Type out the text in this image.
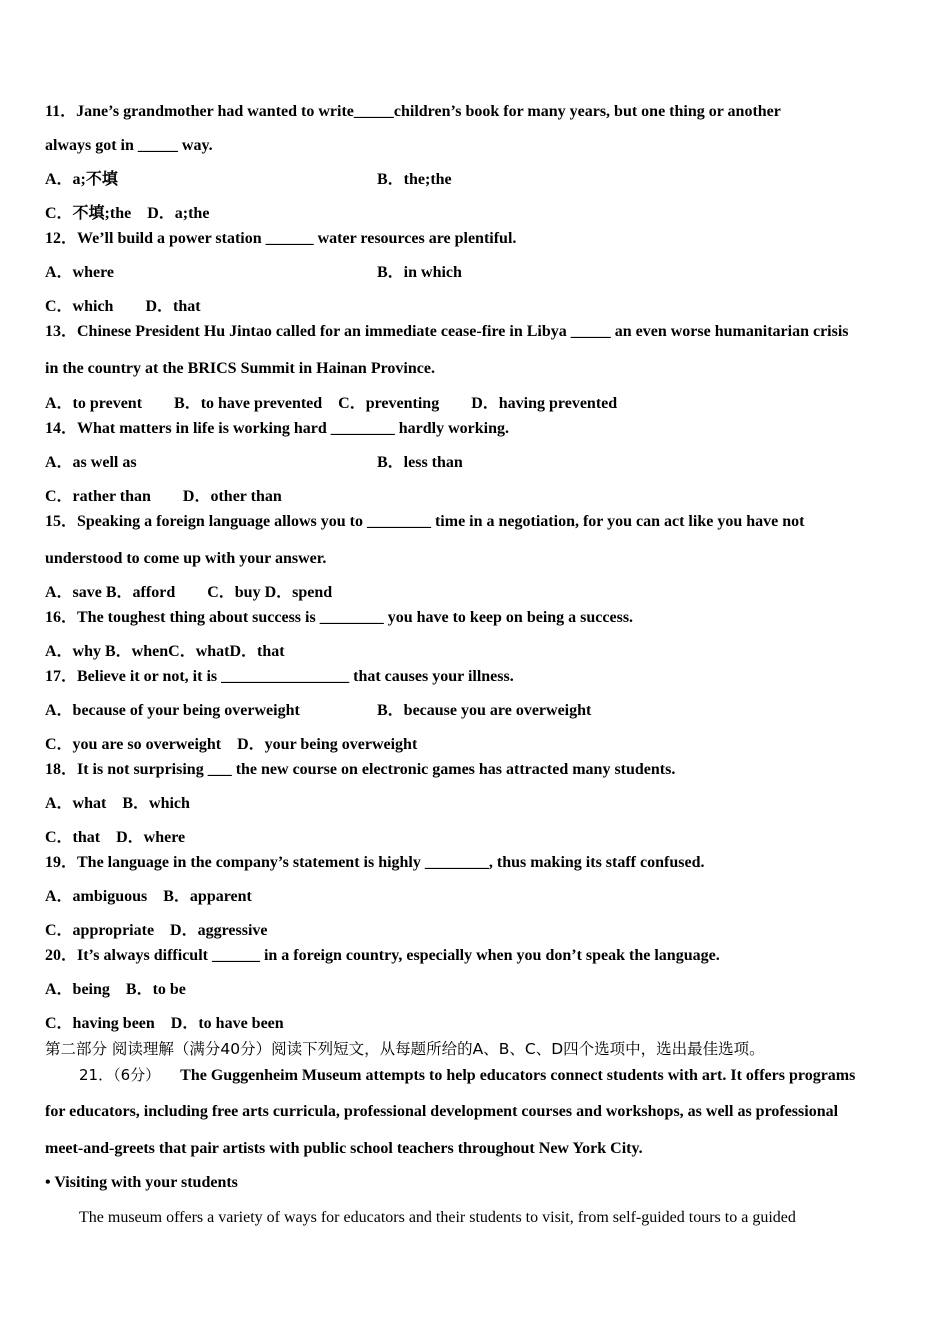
11．Jane’s grandmother had wanted to write_____children’s book for many years, but one thing or another
always got in _____ way.
A．a;不填	B．the;the
C．不填;the　D．a;the
12．We’ll build a power station ______ water resources are plentiful.
A．where	B．in which
C．which　　D．that
13．Chinese President Hu Jintao called for an immediate cease-fire in Libya _____ an even worse humanitarian crisis
in the country at the BRICS Summit in Hainan Province.
A．to prevent　　B．to have prevented　C．preventing　　D．having prevented
14．What matters in life is working hard ________ hardly working.
A．as well as	B．less than
C．rather than　　D．other than
15．Speaking a foreign language allows you to ________ time in a negotiation, for you can act like you have not
understood to come up with your answer.
A．save B．afford　　C．buy D．spend
16．The toughest thing about success is ________ you have to keep on being a success.
A．why B．whenC．whatD．that
17．Believe it or not, it is ________________ that causes your illness.
A．because of your being overweight	B．because you are overweight
C．you are so overweight　D．your being overweight
18．It is not surprising ___ the new course on electronic games has attracted many students.
A．what　B．which
C．that　D．where
19．The language in the company’s statement is highly ________, thus making its staff confused.
A．ambiguous　B．apparent
C．appropriate　D．aggressive
20．It’s always difficult ______ in a foreign country, especially when you don’t speak the language.
A．being　B．to be
C．having been　D．to have been
第二部分 阅读理解（满分40分）阅读下列短文，从每题所给的A、B、C、D四个选项中，选出最佳选项。
21．（6分） The Guggenheim Museum attempts to help educators connect students with art. It offers programs
for educators, including free arts curricula, professional development courses and workshops, as well as professional
meet-and-greets that pair artists with public school teachers throughout New York City.
• Visiting with your students
The museum offers a variety of ways for educators and their students to visit, from self-guided tours to a guided
